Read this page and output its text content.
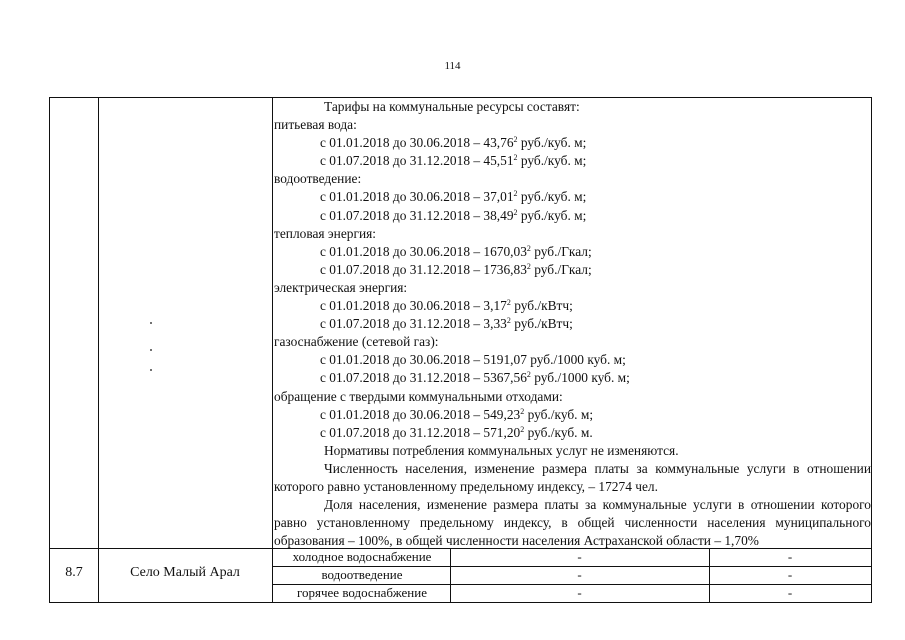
114

Тарифы на коммунальные ресурсы составят:

питьевая вода:

с 01.01.2018 до 30.06.2018 – 43,76$^2$ руб./куб. м;

с 01.07.2018 до 31.12.2018 – 45,51$^2$ руб./куб. м;

водоотведение:

с 01.01.2018 до 30.06.2018 – 37,01$^2$ руб./куб. м;

с 01.07.2018 до 31.12.2018 – 38,49$^2$ руб./куб. м;

тепловая энергия:

с 01.01.2018 до 30.06.2018 – 1670,03$^2$ руб./Гкал;

с 01.07.2018 до 31.12.2018 – 1736,83$^2$ руб./Гкал;

электрическая энергия:

с 01.01.2018 до 30.06.2018 – 3,17$^2$ руб./кВтч;

с 01.07.2018 до 31.12.2018 – 3,33$^2$ руб./кВтч;

газоснабжение (сетевой газ):

с 01.01.2018 до 30.06.2018 – 5191,07 руб./1000 куб. м;

с 01.07.2018 до 31.12.2018 – 5367,56$^2$ руб./1000 куб. м;

обращение с твердыми коммунальными отходами:

с 01.01.2018 до 30.06.2018 – 549,23$^2$ руб./куб. м;

с 01.07.2018 до 31.12.2018 – 571,20$^2$ руб./куб. м.

Нормативы потребления коммунальных услуг не изменяются.

Численность населения, изменение размера платы за коммунальные услуги в отношении которого равно установленному предельному индексу, – 17274 чел.

Доля населения, изменение размера платы за коммунальные услуги в отношении которого равно установленному предельному индексу, в общей численности населения муниципального образования – 100%, в общей численности населения Астраханской области – 1,70%

8.7	Село Малый Арал
холодное водоснабжение	-	-
водоотведение	-	-
горячее водоснабжение	-	-
